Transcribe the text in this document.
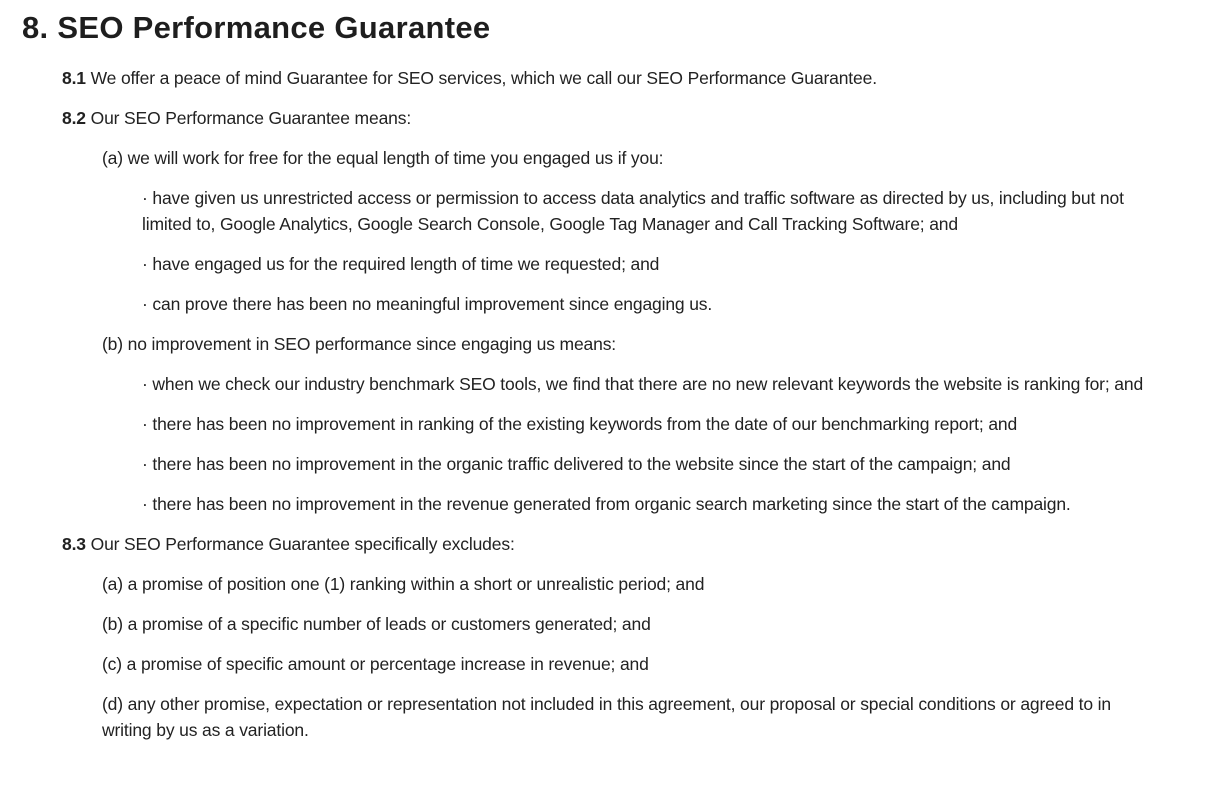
8. SEO Performance Guarantee

8.1 We offer a peace of mind Guarantee for SEO services, which we call our SEO Performance Guarantee.

8.2 Our SEO Performance Guarantee means:

(a) we will work for free for the equal length of time you engaged us if you:

· have given us unrestricted access or permission to access data analytics and traffic software as directed by us, including but not limited to, Google Analytics, Google Search Console, Google Tag Manager and Call Tracking Software; and

· have engaged us for the required length of time we requested; and

· can prove there has been no meaningful improvement since engaging us.

(b) no improvement in SEO performance since engaging us means:

· when we check our industry benchmark SEO tools, we find that there are no new relevant keywords the website is ranking for; and

· there has been no improvement in ranking of the existing keywords from the date of our benchmarking report; and

· there has been no improvement in the organic traffic delivered to the website since the start of the campaign; and

· there has been no improvement in the revenue generated from organic search marketing since the start of the campaign.

8.3 Our SEO Performance Guarantee specifically excludes:

(a) a promise of position one (1) ranking within a short or unrealistic period; and

(b) a promise of a specific number of leads or customers generated; and

(c) a promise of specific amount or percentage increase in revenue; and

(d) any other promise, expectation or representation not included in this agreement, our proposal or special conditions or agreed to in writing by us as a variation.
